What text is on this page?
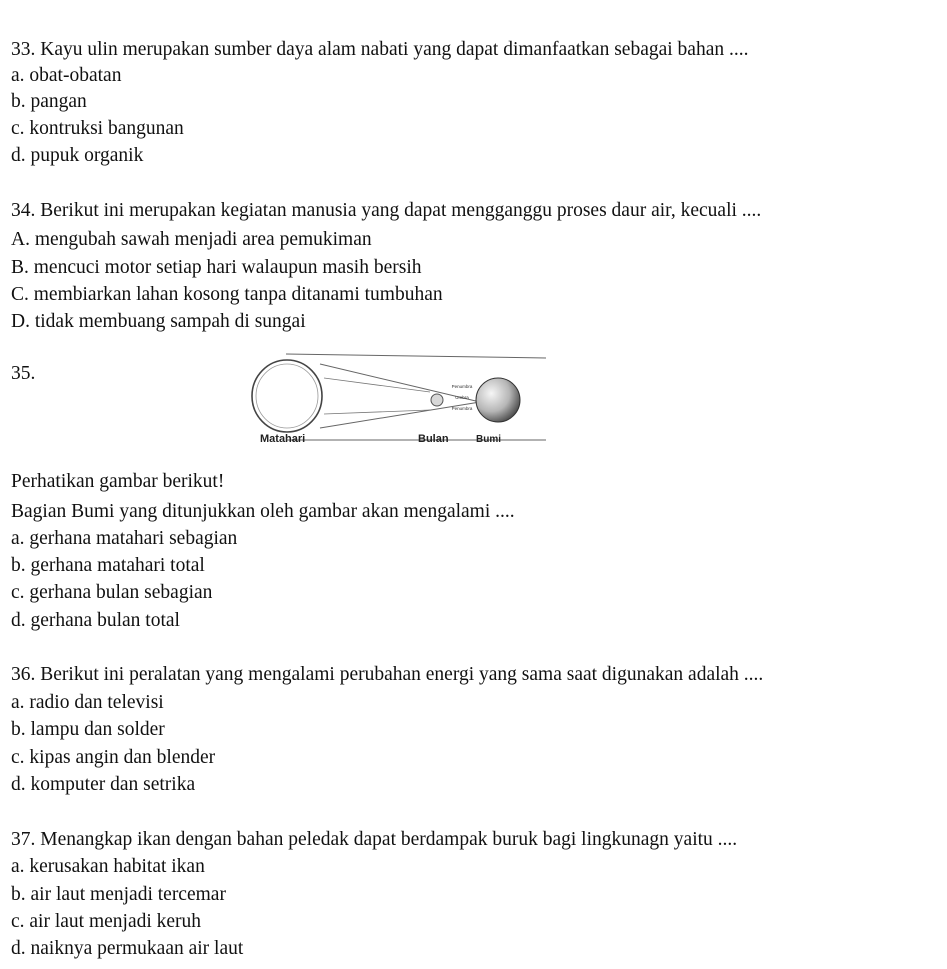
33. Kayu ulin merupakan sumber daya alam nabati yang dapat dimanfaatkan sebagai bahan ....
a. obat-obatan
b. pangan
c. kontruksi bangunan
d. pupuk organik
34. Berikut ini merupakan kegiatan manusia yang dapat mengganggu proses daur air, kecuali ....
A. mengubah sawah menjadi area pemukiman
B. mencuci motor setiap hari walaupun masih bersih
C. membiarkan lahan kosong tanpa ditanami tumbuhan
D. tidak membuang sampah di sungai
35.
Penumbra
Umbra
Penumbra
Matahari	Bulan	Bumi
Perhatikan gambar berikut!
Bagian Bumi yang ditunjukkan oleh gambar akan mengalami ....
a. gerhana matahari sebagian
b. gerhana matahari total
c. gerhana bulan sebagian
d. gerhana bulan total
36. Berikut ini peralatan yang mengalami perubahan energi yang sama saat digunakan adalah ....
a. radio dan televisi
b. lampu dan solder
c. kipas angin dan blender
d. komputer dan setrika
37. Menangkap ikan dengan bahan peledak dapat berdampak buruk bagi lingkunagn yaitu ....
a. kerusakan habitat ikan
b. air laut menjadi tercemar
c. air laut menjadi keruh
d. naiknya permukaan air laut
